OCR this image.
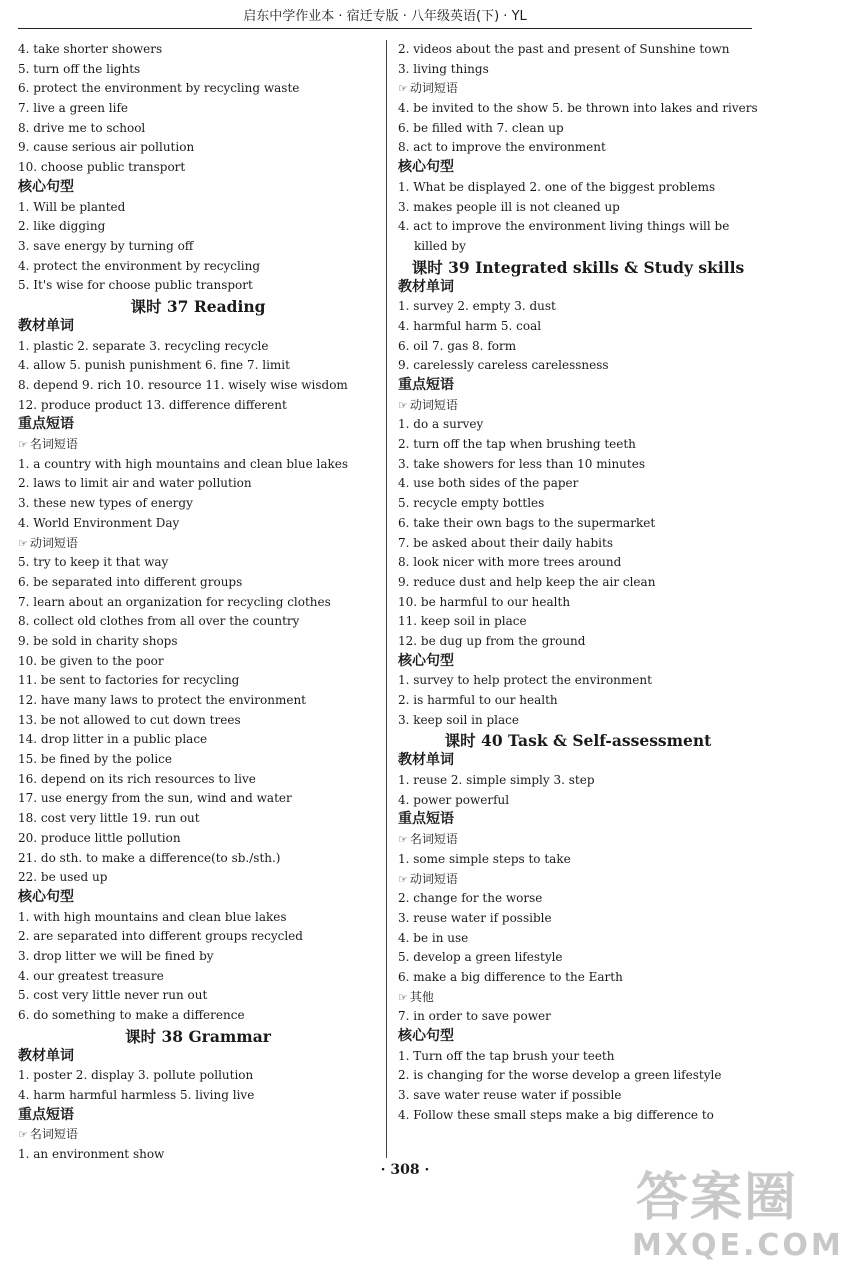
启东中学作业本 · 宿迁专版 · 八年级英语(下) · YL
4. take shorter showers
5. turn off the lights
6. protect the environment by recycling waste
7. live a green life
8. drive me to school
9. cause serious air pollution
10. choose public transport
核心句型
1. Will be planted
2. like digging
3. save energy by turning off
4. protect the environment by recycling
5. It's wise for choose public transport
课时 37 Reading
教材单词
1. plastic 2. separate 3. recycling recycle
4. allow 5. punish punishment 6. fine 7. limit
8. depend 9. rich 10. resource 11. wisely wise wisdom
12. produce product 13. difference different
重点短语
☞ 名词短语
1. a country with high mountains and clean blue lakes
2. laws to limit air and water pollution
3. these new types of energy
4. World Environment Day
☞ 动词短语
5. try to keep it that way
6. be separated into different groups
7. learn about an organization for recycling clothes
8. collect old clothes from all over the country
9. be sold in charity shops
10. be given to the poor
11. be sent to factories for recycling
12. have many laws to protect the environment
13. be not allowed to cut down trees
14. drop litter in a public place
15. be fined by the police
16. depend on its rich resources to live
17. use energy from the sun, wind and water
18. cost very little 19. run out
20. produce little pollution
21. do sth. to make a difference(to sb./sth.)
22. be used up
核心句型
1. with high mountains and clean blue lakes
2. are separated into different groups recycled
3. drop litter we will be fined by
4. our greatest treasure
5. cost very little never run out
6. do something to make a difference
课时 38 Grammar
教材单词
1. poster 2. display 3. pollute pollution
4. harm harmful harmless 5. living live
重点短语
☞ 名词短语
1. an environment show
2. videos about the past and present of Sunshine town
3. living things
☞ 动词短语
4. be invited to the show 5. be thrown into lakes and rivers
6. be filled with 7. clean up
8. act to improve the environment
核心句型
1. What be displayed 2. one of the biggest problems
3. makes people ill is not cleaned up
4. act to improve the environment living things will be
killed by
课时 39 Integrated skills & Study skills
教材单词
1. survey 2. empty 3. dust
4. harmful harm 5. coal
6. oil 7. gas 8. form
9. carelessly careless carelessness
重点短语
☞ 动词短语
1. do a survey
2. turn off the tap when brushing teeth
3. take showers for less than 10 minutes
4. use both sides of the paper
5. recycle empty bottles
6. take their own bags to the supermarket
7. be asked about their daily habits
8. look nicer with more trees around
9. reduce dust and help keep the air clean
10. be harmful to our health
11. keep soil in place
12. be dug up from the ground
核心句型
1. survey to help protect the environment
2. is harmful to our health
3. keep soil in place
课时 40 Task & Self-assessment
教材单词
1. reuse 2. simple simply 3. step
4. power powerful
重点短语
☞ 名词短语
1. some simple steps to take
☞ 动词短语
2. change for the worse
3. reuse water if possible
4. be in use
5. develop a green lifestyle
6. make a big difference to the Earth
☞ 其他
7. in order to save power
核心句型
1. Turn off the tap brush your teeth
2. is changing for the worse develop a green lifestyle
3. save water reuse water if possible
4. Follow these small steps make a big difference to
· 308 ·	答案圈
MXQE.COM
